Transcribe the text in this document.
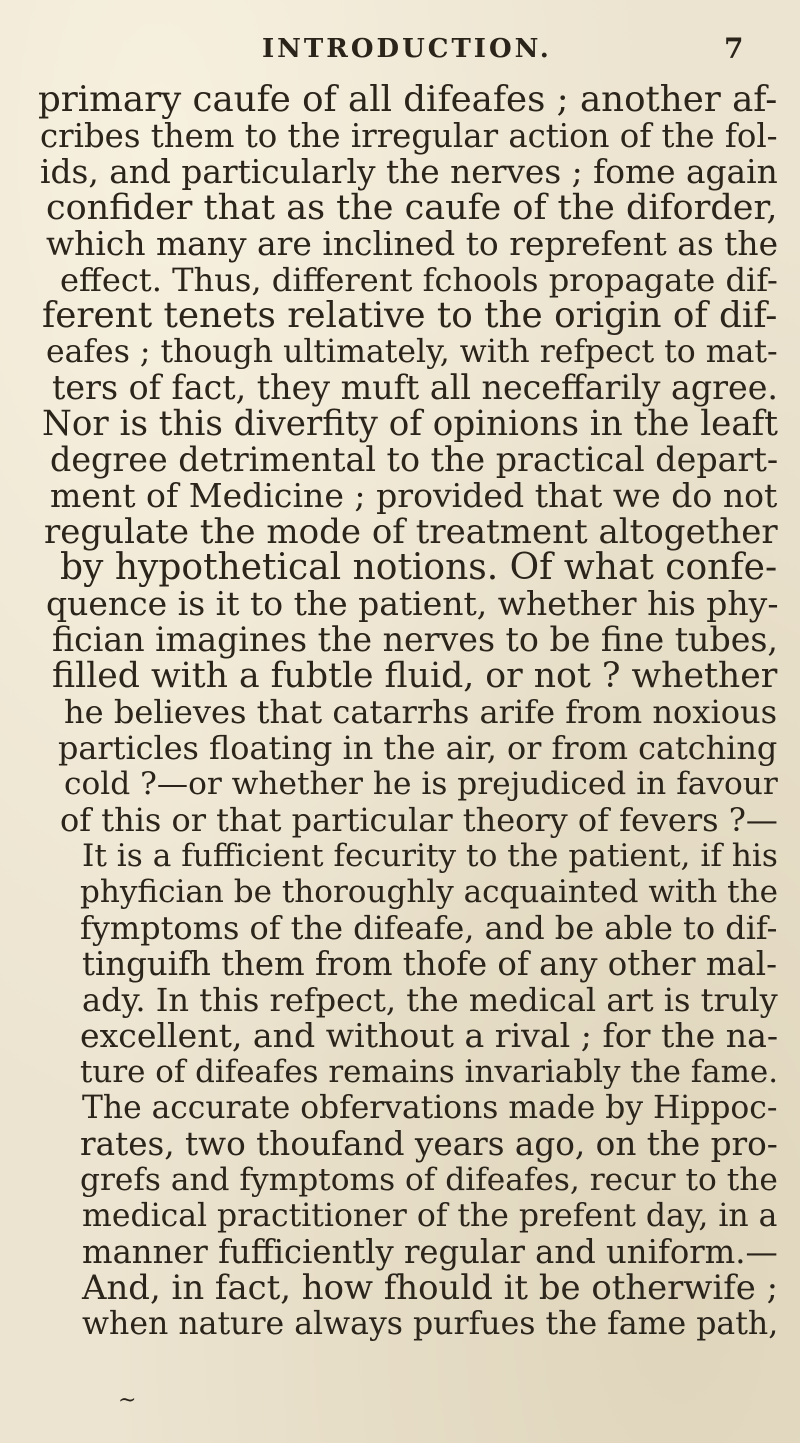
INTRODUCTION.	7
primary caufe of all difeafes ; another af-
cribes them to the irregular action of the fol-
ids, and particularly the nerves ; fome again
confider that as the caufe of the diforder,
which many are inclined to reprefent as the
effect. Thus, different fchools propagate dif-
ferent tenets relative to the origin of dif-
eafes ; though ultimately, with refpect to mat-
ters of fact, they muft all neceffarily agree.
Nor is this diverfity of opinions in the leaft
degree detrimental to the practical depart-
ment of Medicine ; provided that we do not
regulate the mode of treatment altogether
by hypothetical notions. Of what confe-
quence is it to the patient, whether his phy-
fician imagines the nerves to be fine tubes,
filled with a fubtle fluid, or not ? whether
he believes that catarrhs arife from noxious
particles floating in the air, or from catching
cold ?—or whether he is prejudiced in favour
of this or that particular theory of fevers ?—
It is a fufficient fecurity to the patient, if his
phyfician be thoroughly acquainted with the
fymptoms of the difeafe, and be able to dif-
tinguifh them from thofe of any other mal-
ady. In this refpect, the medical art is truly
excellent, and without a rival ; for the na-
ture of difeafes remains invariably the fame.
The accurate obfervations made by Hippoc-
rates, two thoufand years ago, on the pro-
grefs and fymptoms of difeafes, recur to the
medical practitioner of the prefent day, in a
manner fufficiently regular and uniform.—
And, in fact, how fhould it be otherwife ;
when nature always purfues the fame path,
~
